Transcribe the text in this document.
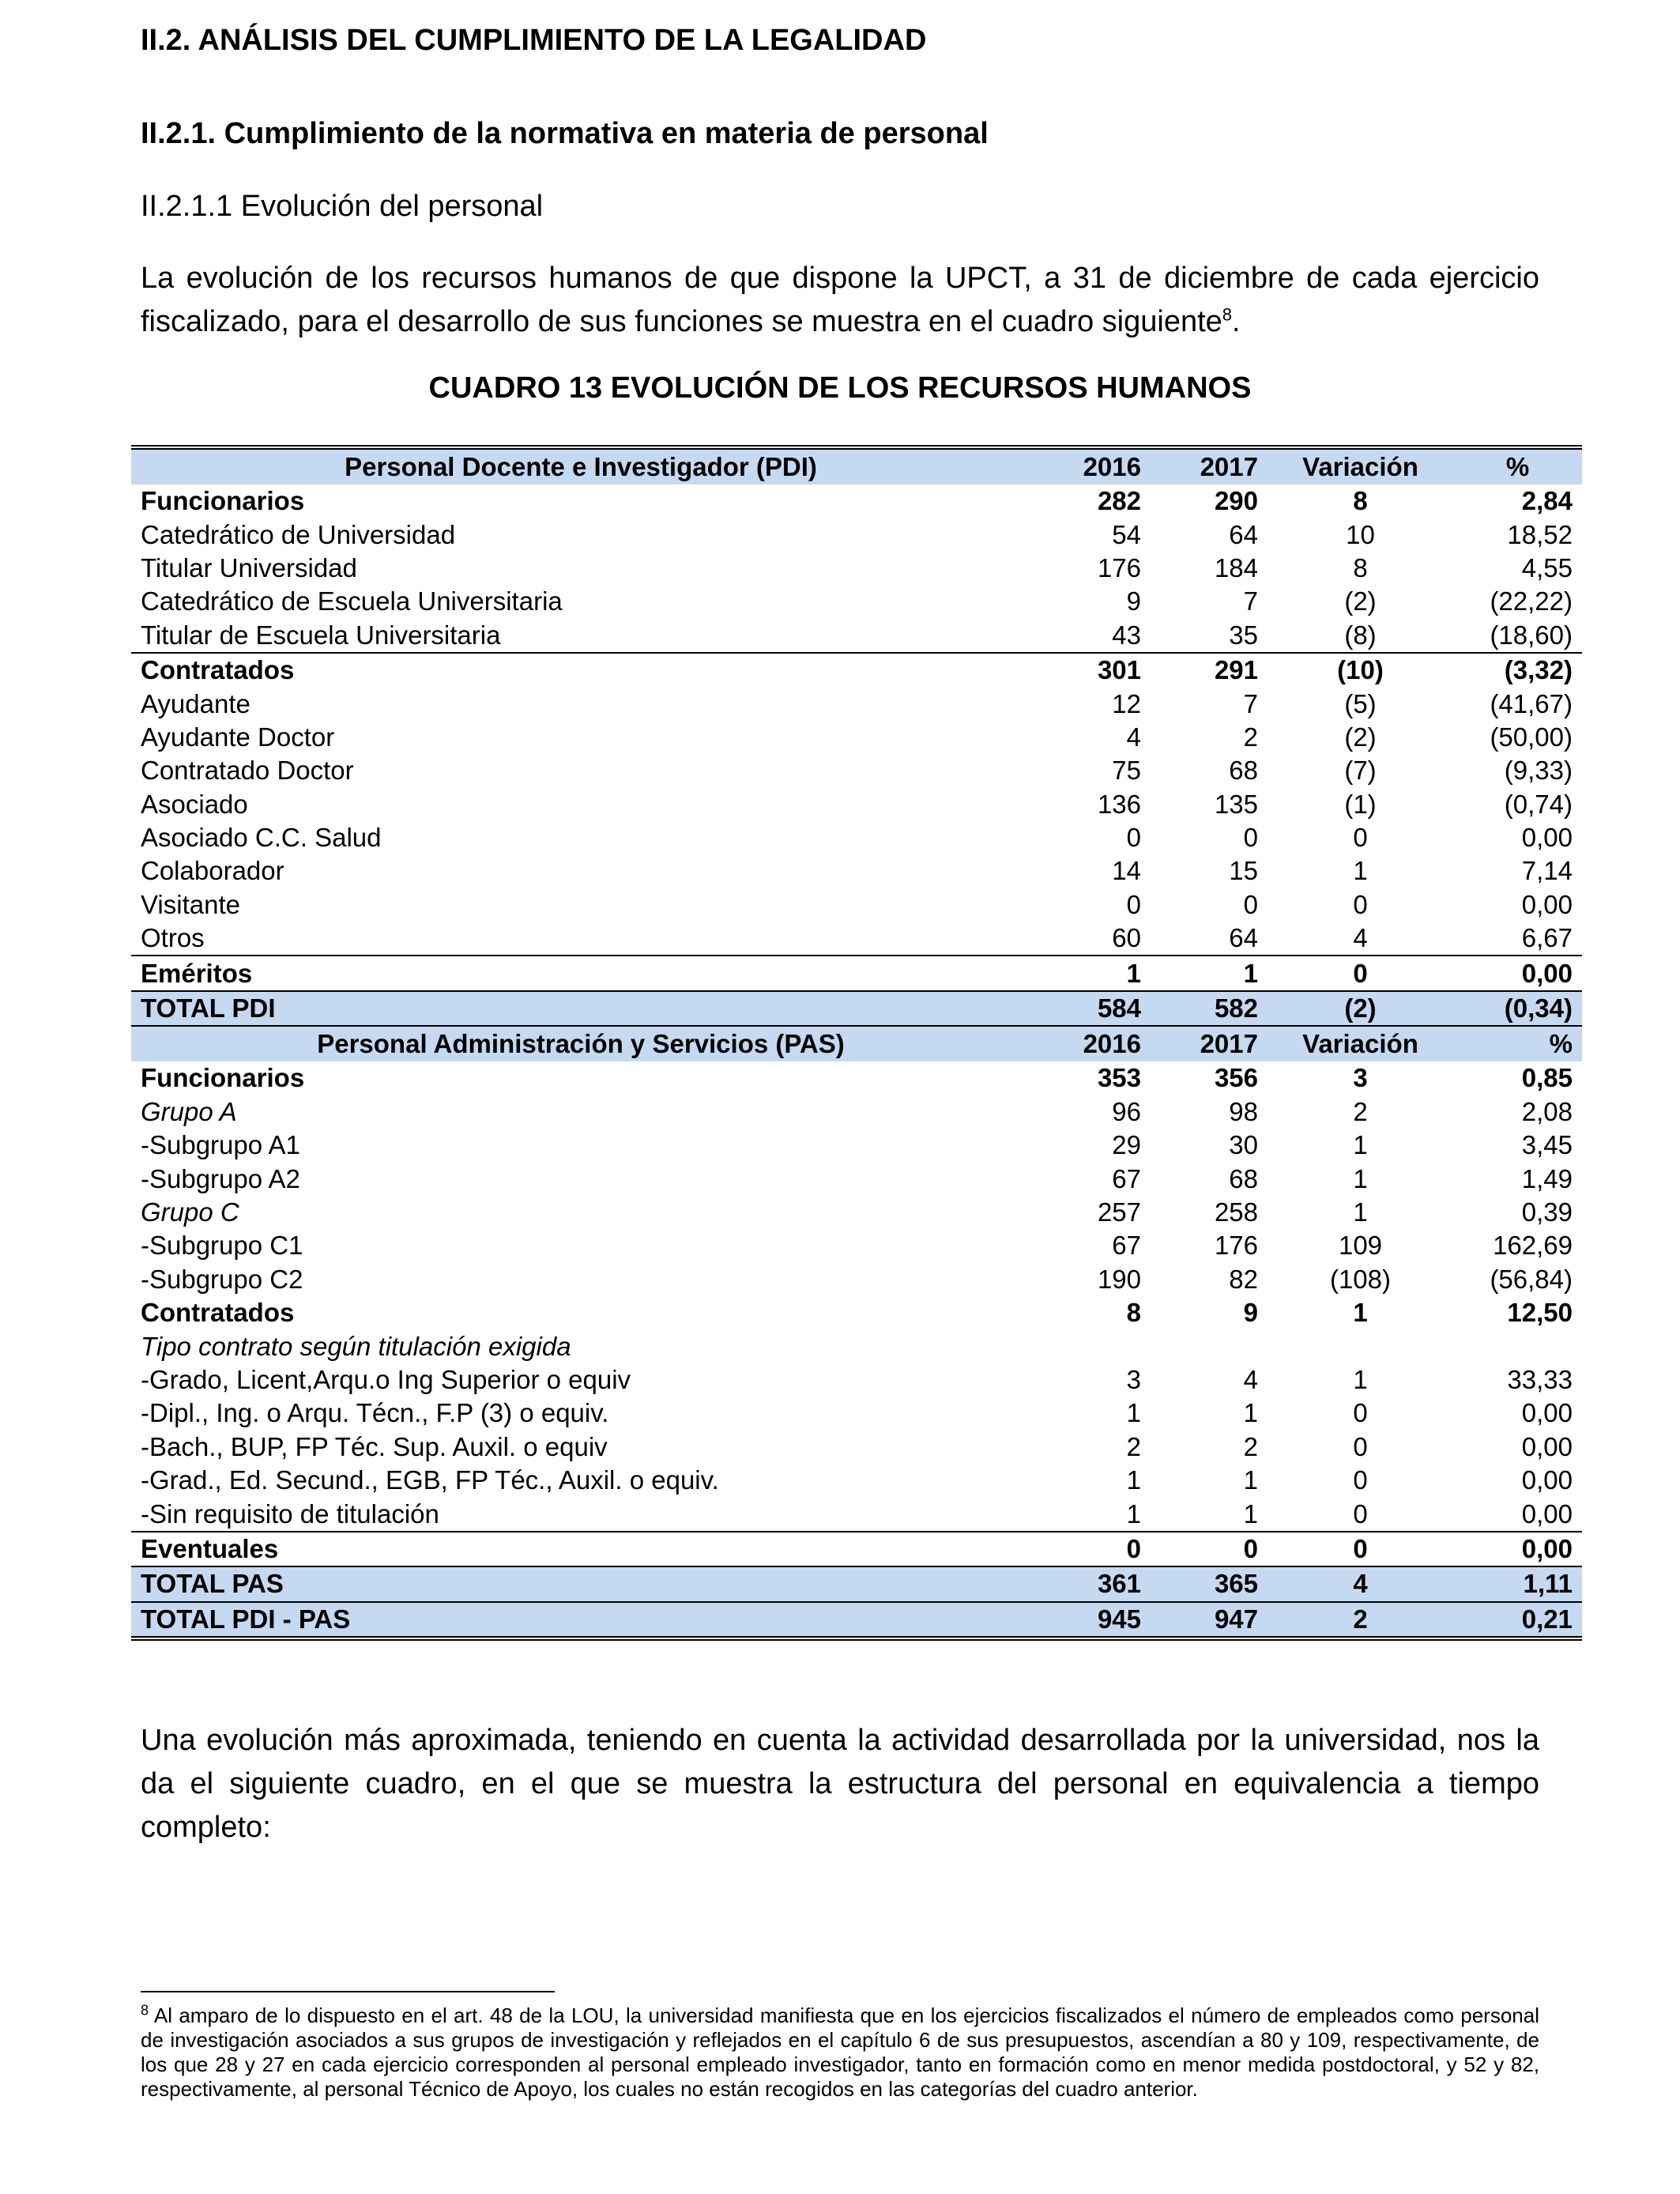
II.2. ANÁLISIS DEL CUMPLIMIENTO DE LA LEGALIDAD
II.2.1. Cumplimiento de la normativa en materia de personal
II.2.1.1 Evolución del personal

La evolución de los recursos humanos de que dispone la UPCT, a 31 de diciembre de cada ejercicio fiscalizado, para el desarrollo de sus funciones se muestra en el cuadro siguiente$^8$.

CUADRO 13 EVOLUCIÓN DE LOS RECURSOS HUMANOS
Personal Docente e Investigador (PDI)	2016	2017	Variación	%
Funcionarios	282	290	8	2,84
Catedrático de Universidad	54	64	10	18,52
Titular Universidad	176	184	8	4,55
Catedrático de Escuela Universitaria	9	7	(2)	(22,22)
Titular de Escuela Universitaria	43	35	(8)	(18,60)
Contratados	301	291	(10)	(3,32)
Ayudante	12	7	(5)	(41,67)
Ayudante Doctor	4	2	(2)	(50,00)
Contratado Doctor	75	68	(7)	(9,33)
Asociado	136	135	(1)	(0,74)
Asociado C.C. Salud	0	0	0	0,00
Colaborador	14	15	1	7,14
Visitante	0	0	0	0,00
Otros	60	64	4	6,67
Eméritos	1	1	0	0,00
TOTAL PDI	584	582	(2)	(0,34)
Personal Administración y Servicios (PAS)	2016	2017	Variación	%
Funcionarios	353	356	3	0,85
Grupo A	96	98	2	2,08
-Subgrupo A1	29	30	1	3,45
-Subgrupo A2	67	68	1	1,49
Grupo C	257	258	1	0,39
-Subgrupo C1	67	176	109	162,69
-Subgrupo C2	190	82	(108)	(56,84)
Contratados	8	9	1	12,50
Tipo contrato según titulación exigida				
-Grado, Licent,Arqu.o Ing Superior o equiv	3	4	1	33,33
-Dipl., Ing. o Arqu. Técn., F.P (3) o equiv.	1	1	0	0,00
-Bach., BUP, FP Téc. Sup. Auxil. o equiv	2	2	0	0,00
-Grad., Ed. Secund., EGB, FP Téc., Auxil. o equiv.	1	1	0	0,00
-Sin requisito de titulación	1	1	0	0,00
Eventuales	0	0	0	0,00
TOTAL PAS	361	365	4	1,11
TOTAL PDI - PAS	945	947	2	0,21

Una evolución más aproximada, teniendo en cuenta la actividad desarrollada por la universidad, nos la da el siguiente cuadro, en el que se muestra la estructura del personal en equivalencia a tiempo completo:

$^8$ Al amparo de lo dispuesto en el art. 48 de la LOU, la universidad manifiesta que en los ejercicios fiscalizados el número de empleados como personal de investigación asociados a sus grupos de investigación y reflejados en el capítulo 6 de sus presupuestos, ascendían a 80 y 109, respectivamente, de los que 28 y 27 en cada ejercicio corresponden al personal empleado investigador, tanto en formación como en menor medida postdoctoral, y 52 y 82, respectivamente, al personal Técnico de Apoyo, los cuales no están recogidos en las categorías del cuadro anterior.
